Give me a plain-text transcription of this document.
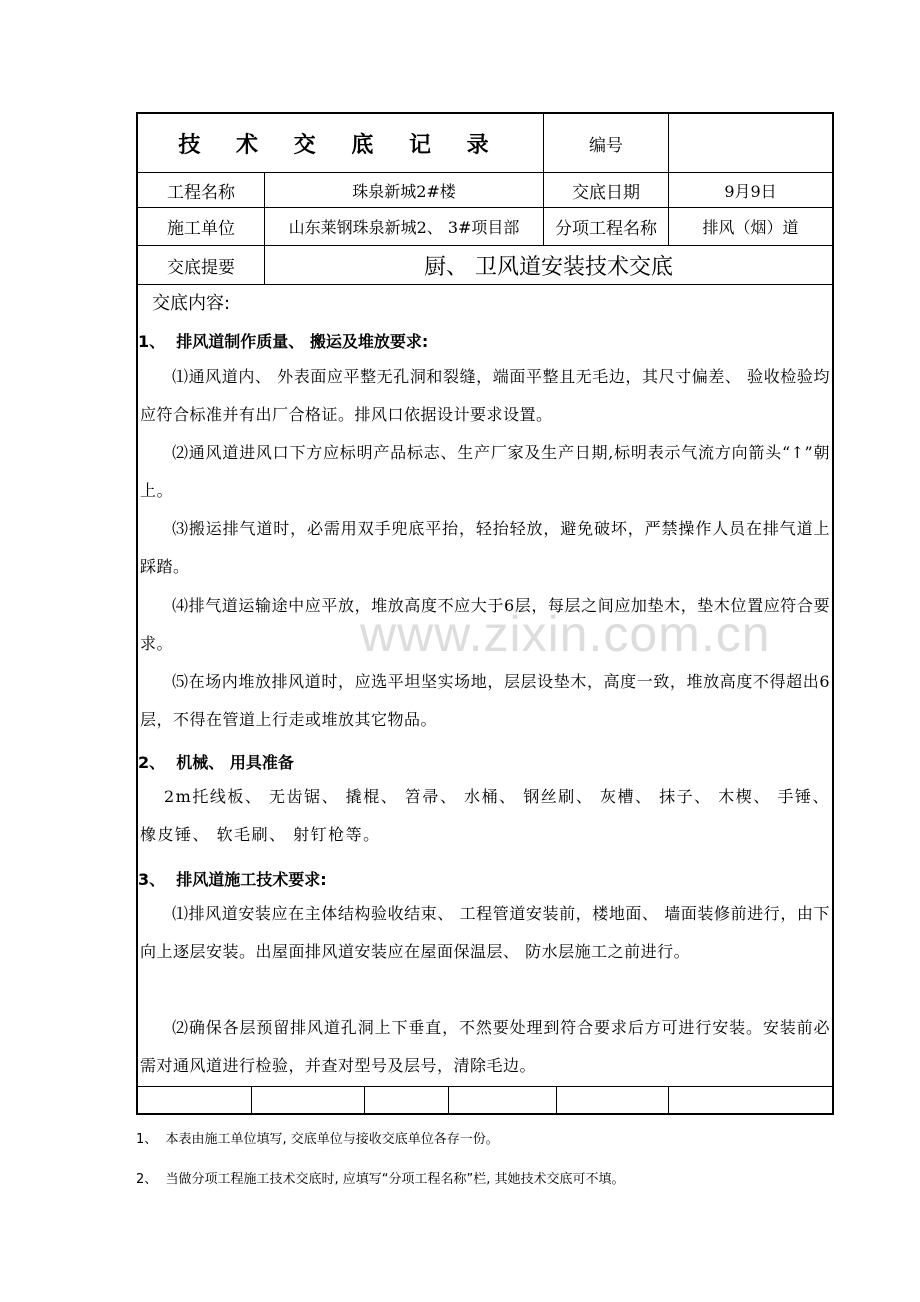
技 术 交 底 记 录	编号
工程名称	珠泉新城2#楼	交底日期	9月9日
施工单位	山东莱钢珠泉新城2、 3#项目部	分项工程名称	排风（烟）道
交底提要	厨、 卫风道安装技术交底
交底内容:
1、  排风道制作质量、 搬运及堆放要求:
⑴通风道内、 外表面应平整无孔洞和裂缝，端面平整且无毛边，其尺寸偏差、 验收检验均应符合标准并有出厂合格证。排风口依据设计要求设置。
⑵通风道进风口下方应标明产品标志、生产厂家及生产日期,标明表示气流方向箭头“↑”朝上。
⑶搬运排气道时，必需用双手兜底平抬，轻抬轻放，避免破坏，严禁操作人员在排气道上踩踏。
⑷排气道运输途中应平放，堆放高度不应大于6层，每层之间应加垫木，垫木位置应符合要求。
⑸在场内堆放排风道时，应选平坦坚实场地，层层设垫木，高度一致，堆放高度不得超出6层，不得在管道上行走或堆放其它物品。
2、  机械、 用具准备
2m托线板、 无齿锯、 撬棍、 笤帚、 水桶、 钢丝刷、 灰槽、 抹子、 木楔、 手锤、 橡皮锤、 软毛刷、 射钉枪等。
3、  排风道施工技术要求:
⑴排风道安装应在主体结构验收结束、 工程管道安装前，楼地面、 墙面装修前进行，由下向上逐层安装。出屋面排风道安装应在屋面保温层、 防水层施工之前进行。
⑵确保各层预留排风道孔洞上下垂直，不然要处理到符合要求后方可进行安装。安装前必需对通风道进行检验，并查对型号及层号，清除毛边。
1、  本表由施工单位填写, 交底单位与接收交底单位各存一份。
2、  当做分项工程施工技术交底时, 应填写“分项工程名称”栏, 其她技术交底可不填。
www.zixin.com.cn
